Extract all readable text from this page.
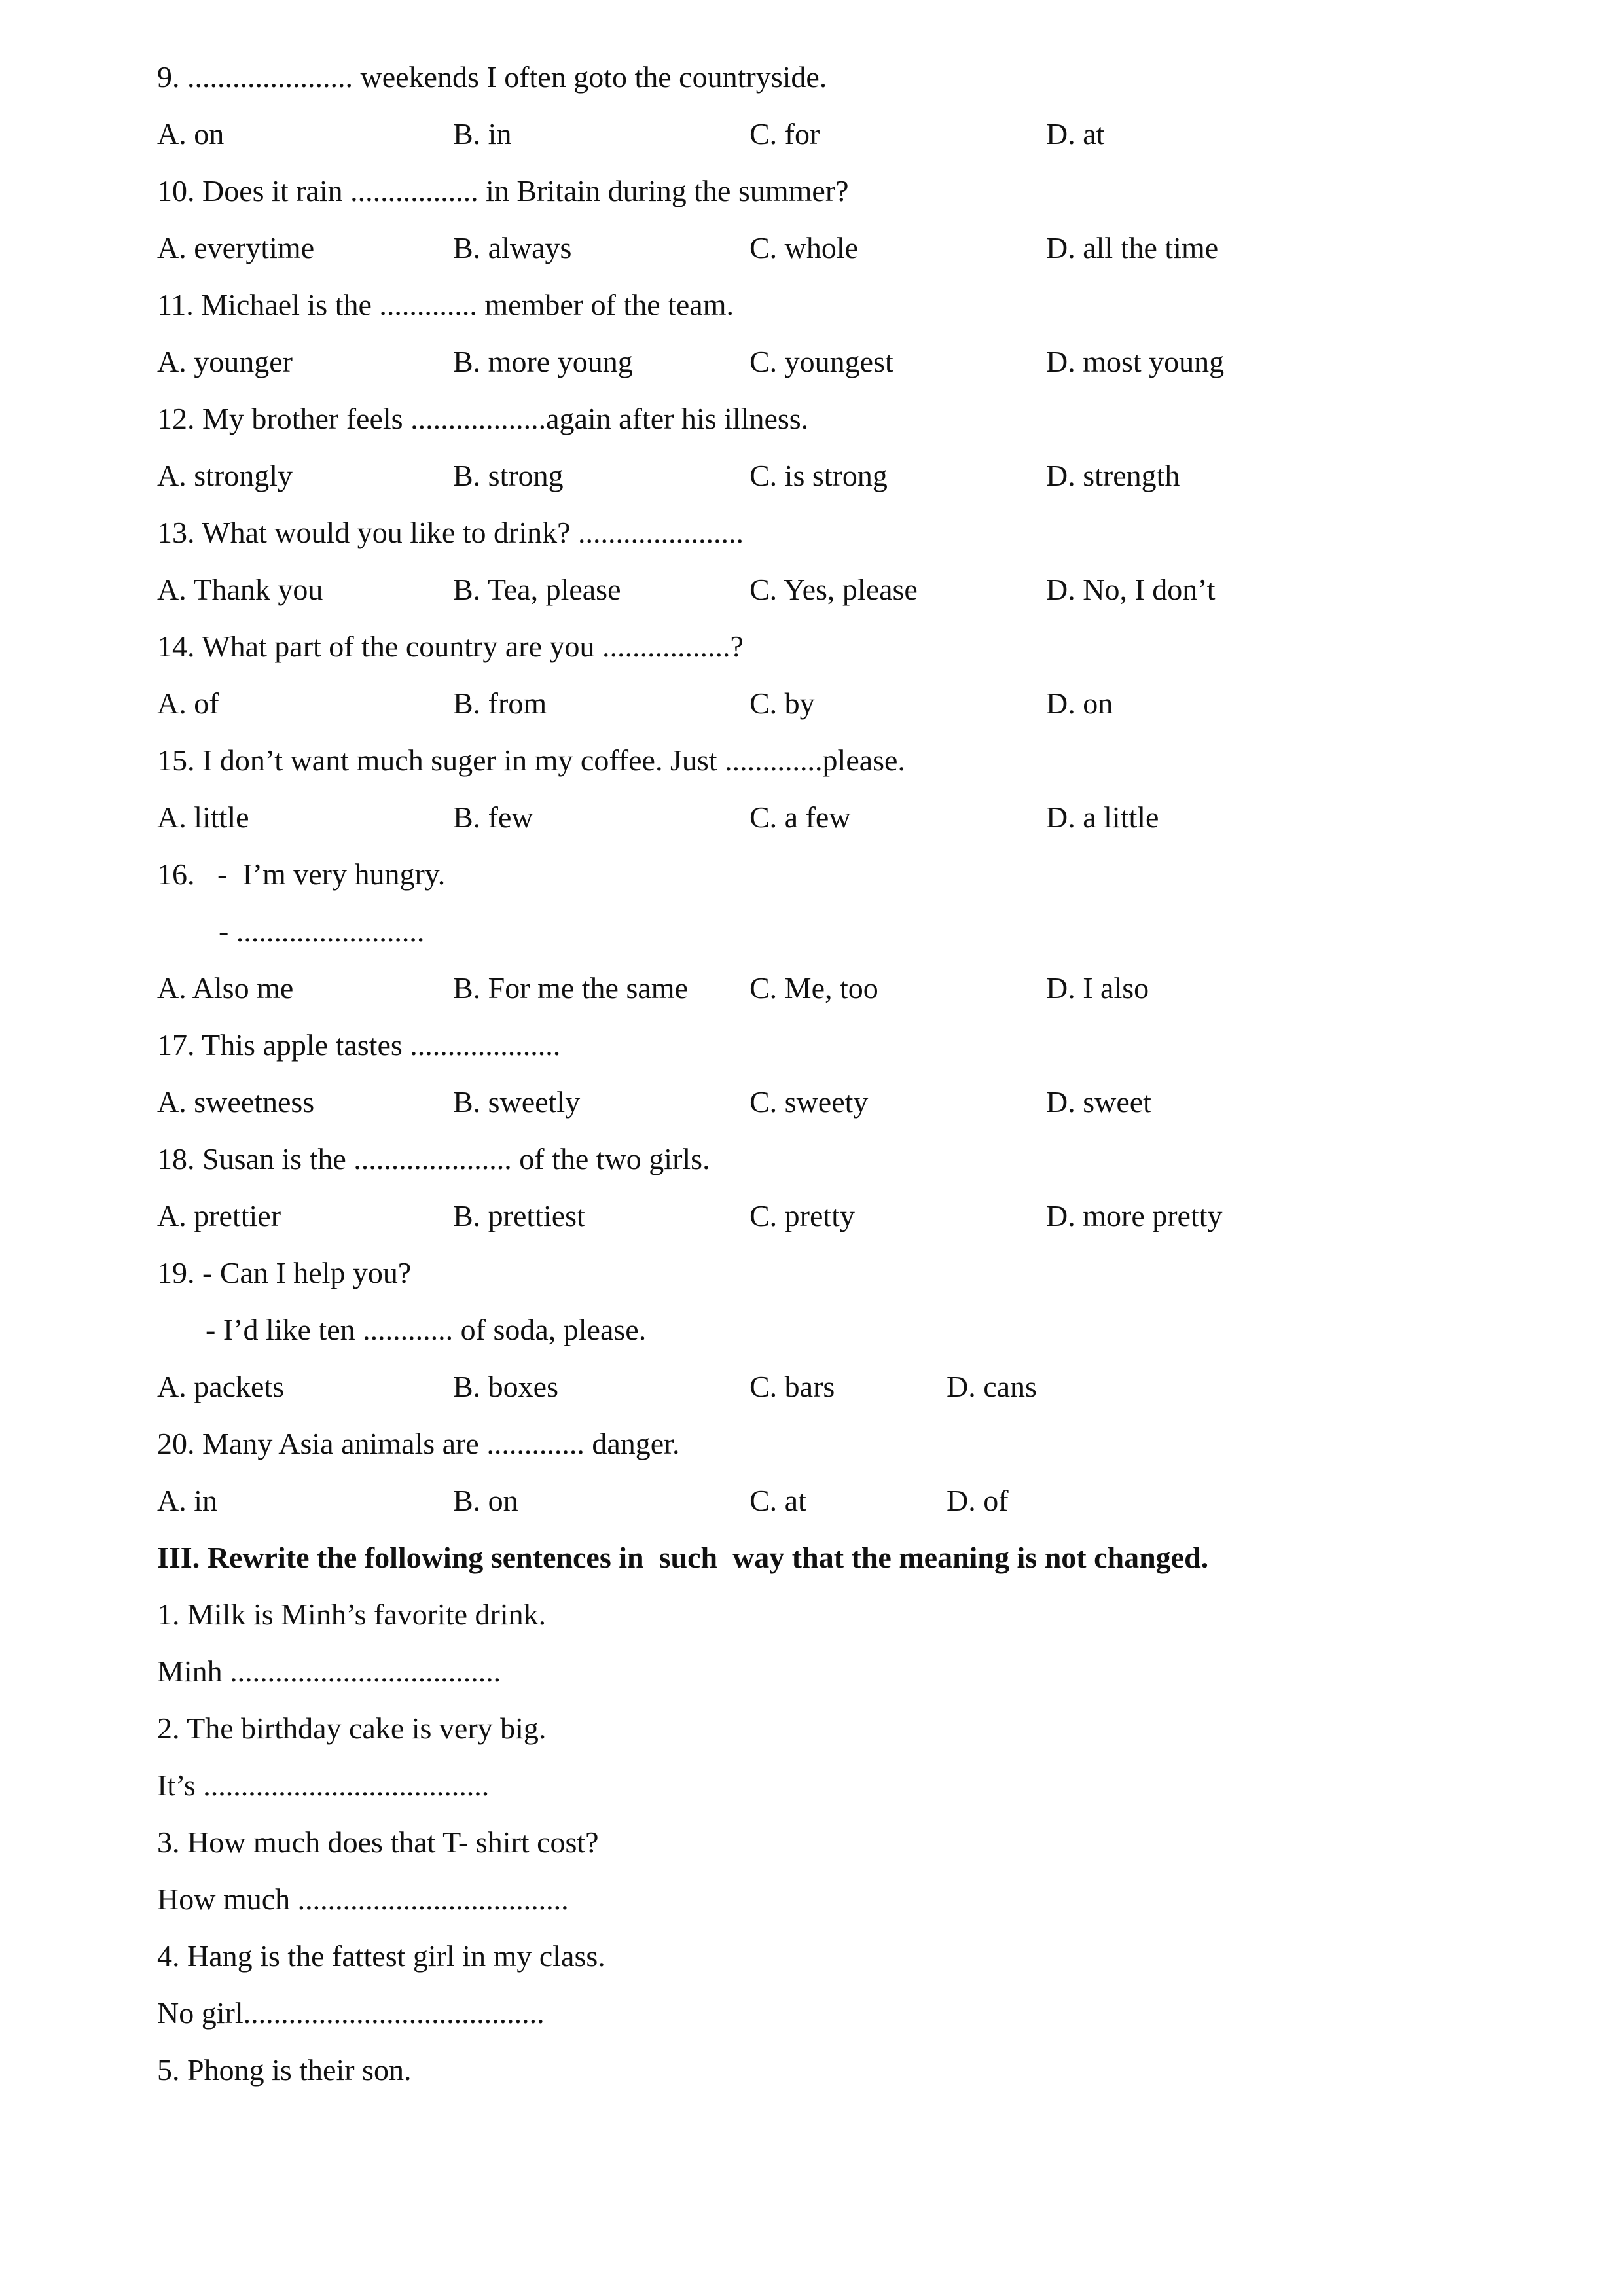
9. ...................... weekends I often goto the countryside.
A. on	B. in	C. for	D. at
10. Does it rain ................. in Britain during the summer?
A. everytime	B. always	C. whole	D. all the time
11. Michael is the ............. member of the team.
A. younger	B. more young	C. youngest	D. most young
12. My brother feels ..................again after his illness.
A. strongly	B. strong	C. is strong	D. strength
13. What would you like to drink? ......................
A. Thank you	B. Tea, please	C. Yes, please	D. No, I don’t
14. What part of the country are you .................?
A. of	B. from	C. by	D. on
15. I don’t want much suger in my coffee. Just .............please.
A. little	B. few	C. a few	D. a little
16.   -  I’m very hungry.
- .........................
A. Also me	B. For me the same C. Me, too	D. I also
17. This apple tastes ....................
A. sweetness	B. sweetly	C. sweety	D. sweet
18. Susan is the ..................... of the two girls.
A. prettier	B. prettiest	C. pretty	D. more pretty
19. - Can I help you?
- I’d like ten ............ of soda, please.
A. packets	B. boxes	C. bars	D. cans
20. Many Asia animals are ............. danger.
A. in	B. on	C. at	D. of
III. Rewrite the following sentences in  such  way that the meaning is not changed.
1. Milk is Minh’s favorite drink.
Minh ....................................
2. The birthday cake is very big.
It’s ......................................
3. How much does that T- shirt cost?
How much ....................................
4. Hang is the fattest girl in my class.
No girl........................................
5. Phong is their son.
